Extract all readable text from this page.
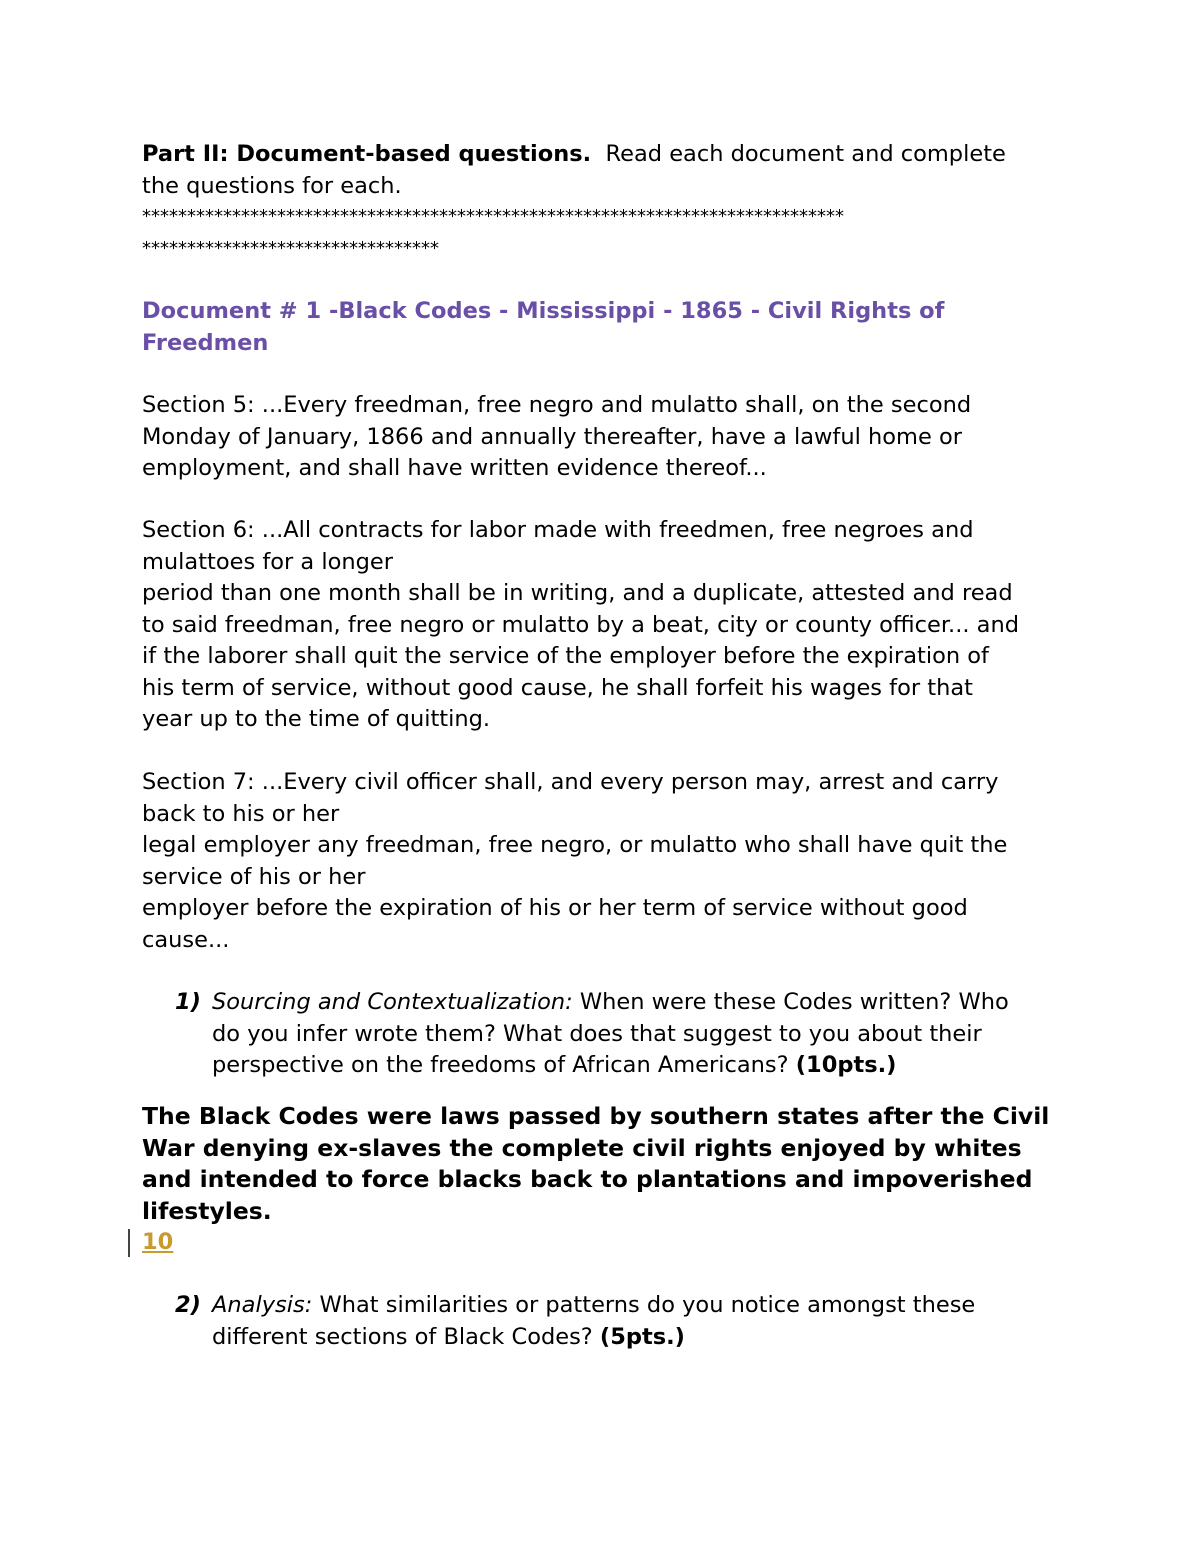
Part II: Document-based questions. Read each document and complete
the questions for each.
******************************************************************************
*********************************
Document # 1 -Black Codes - Mississippi - 1865 - Civil Rights of
Freedmen
Section 5: ...Every freedman, free negro and mulatto shall, on the second
Monday of January, 1866 and annually thereafter, have a lawful home or
employment, and shall have written evidence thereof...
Section 6: ...All contracts for labor made with freedmen, free negroes and
mulattoes for a longer
period than one month shall be in writing, and a duplicate, attested and read
to said freedman, free negro or mulatto by a beat, city or county officer... and
if the laborer shall quit the service of the employer before the expiration of
his term of service, without good cause, he shall forfeit his wages for that
year up to the time of quitting.
Section 7: ...Every civil officer shall, and every person may, arrest and carry
back to his or her
legal employer any freedman, free negro, or mulatto who shall have quit the
service of his or her
employer before the expiration of his or her term of service without good
cause...
1) Sourcing and Contextualization: When were these Codes written? Who
do you infer wrote them? What does that suggest to you about their
perspective on the freedoms of African Americans? (10pts.)
The Black Codes were laws passed by southern states after the Civil
War denying ex-slaves the complete civil rights enjoyed by whites
and intended to force blacks back to plantations and impoverished
lifestyles.
10
2) Analysis: What similarities or patterns do you notice amongst these
different sections of Black Codes? (5pts.)
